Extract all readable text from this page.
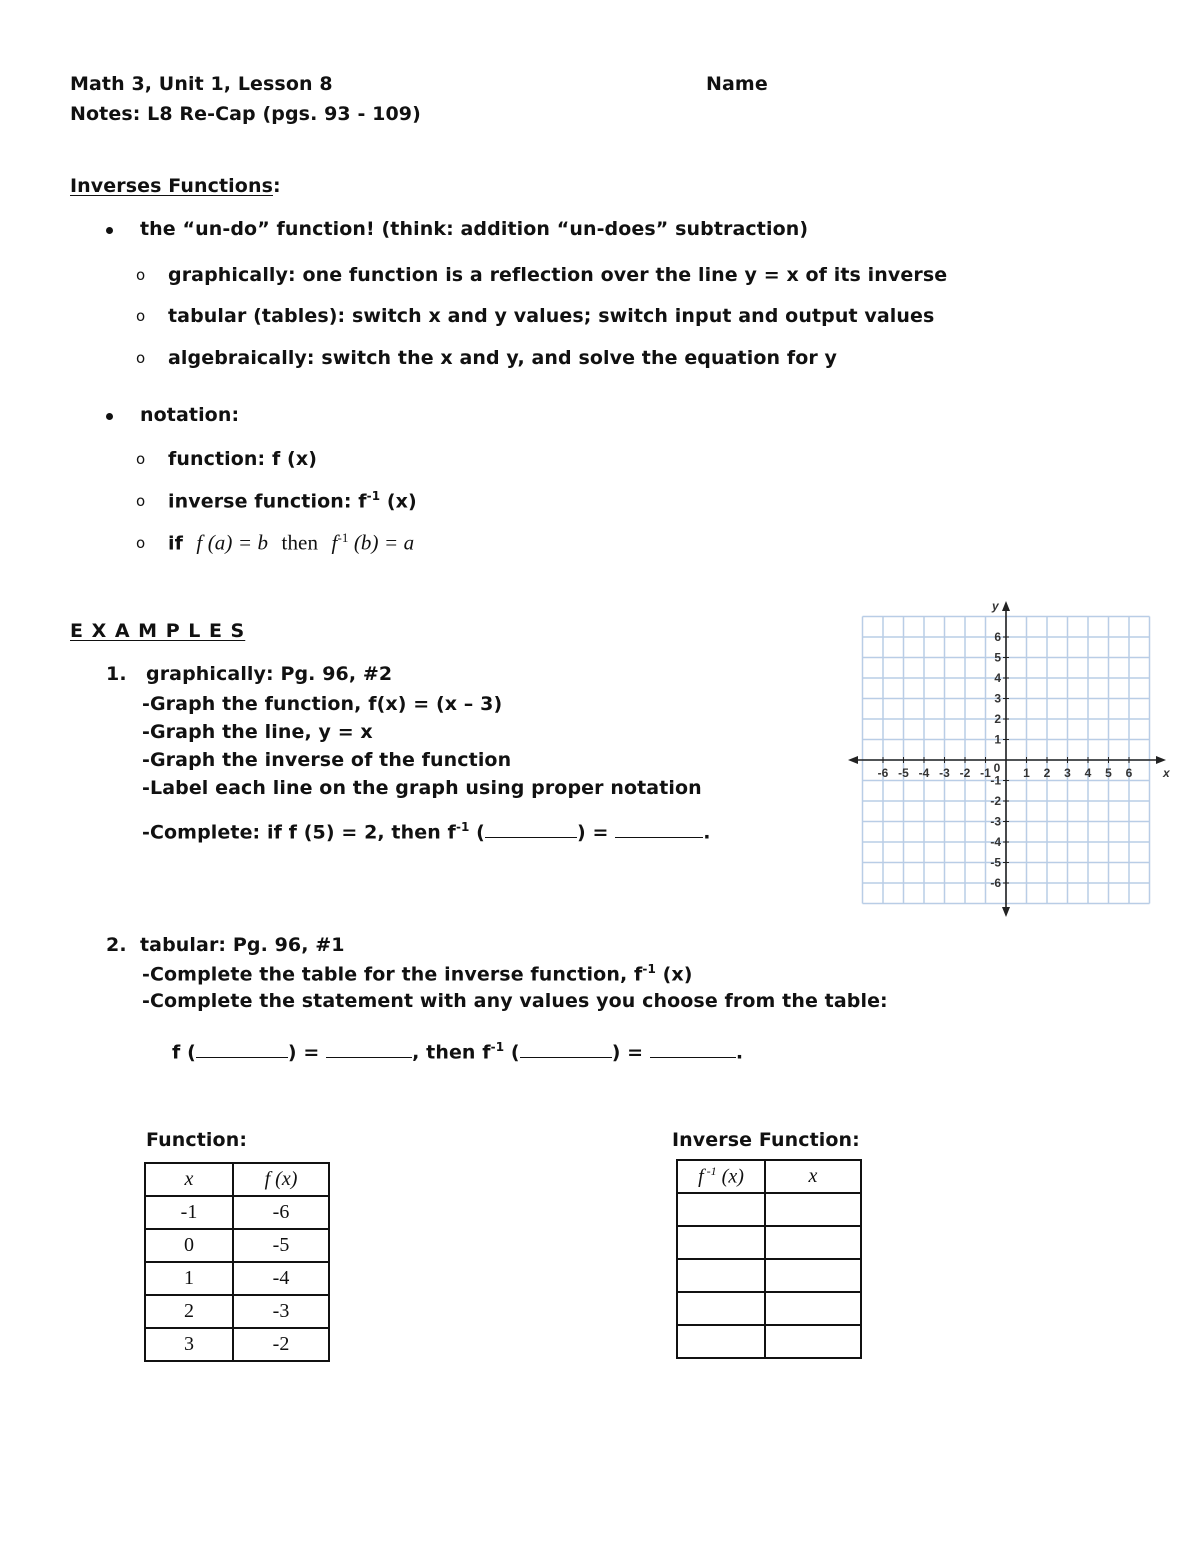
Math 3, Unit 1, Lesson 8	Name
Notes: L8 Re-Cap (pgs. 93 - 109)
Inverses Functions:
the “un-do” function! (think: addition “un-does” subtraction)
o graphically: one function is a reflection over the line y = x of its inverse
o tabular (tables): switch x and y values; switch input and output values
o algebraically: switch the x and y, and solve the equation for y
notation:
o function: f (x)
o inverse function: $f^{-1}$ (x)
o if f (a) = b then $f^{-1}$ (b) = a
E X A M P L E S
1. graphically: Pg. 96, #2
-Graph the function, f(x) = (x – 3)
-Graph the line, y = x
-Graph the inverse of the function
-Label each line on the graph using proper notation
-Complete: if f (5) = 2, then $f^{-1}$ (	) =	.
-6 -5 -4 -3 -2 -1	1 2 3 4 5 6
6
5
4
3
2
1
-1
-2
-3
-4
-5
-6
0	x
y
2. tabular: Pg. 96, #1
-Complete the table for the inverse function, $f^{-1}$ (x)
-Complete the statement with any values you choose from the table:
f (	) =	, then $f^{-1}$ (	) =	.
Function:
x	f (x)
-1	-6
0	-5
1	-4
2	-3
3	-2
Inverse Function:
f $^{-1}$ (x)	x
